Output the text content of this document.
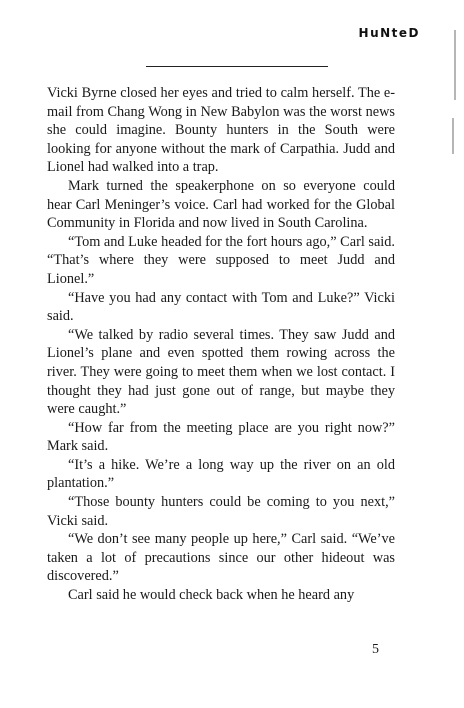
HuNteD

Vicki Byrne closed her eyes and tried to calm herself. The e-mail from Chang Wong in New Babylon was the worst news she could imagine. Bounty hunters in the South were looking for anyone without the mark of Carpathia. Judd and Lionel had walked into a trap.

Mark turned the speakerphone on so everyone could hear Carl Meninger’s voice. Carl had worked for the Global Community in Florida and now lived in South Carolina.

“Tom and Luke headed for the fort hours ago,” Carl said. “That’s where they were supposed to meet Judd and Lionel.”

“Have you had any contact with Tom and Luke?” Vicki said.

“We talked by radio several times. They saw Judd and Lionel’s plane and even spotted them rowing across the river. They were going to meet them when we lost contact. I thought they had just gone out of range, but maybe they were caught.”

“How far from the meeting place are you right now?” Mark said.

“It’s a hike. We’re a long way up the river on an old plantation.”

“Those bounty hunters could be coming to you next,” Vicki said.

“We don’t see many people up here,” Carl said. “We’ve taken a lot of precautions since our other hideout was discovered.”

Carl said he would check back when he heard any

5
